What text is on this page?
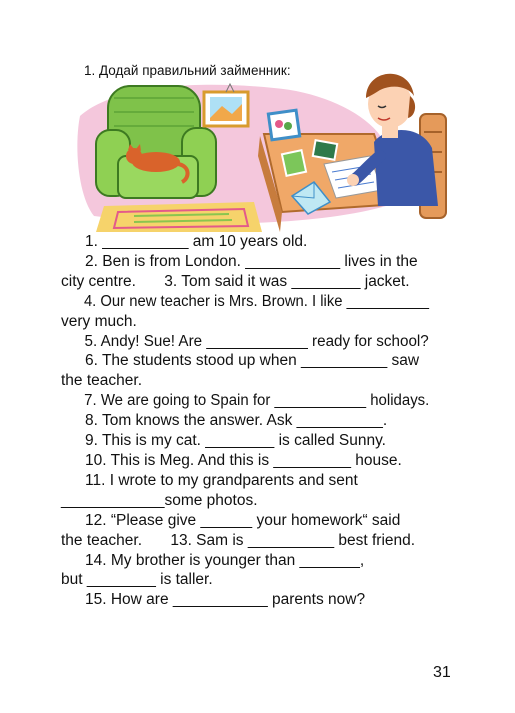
1. Додай правильний займенник:
1. __________ am 10 years old.
2. Ben is from London. ___________ lives in the
city centre. 3. Tom said it was ________ jacket. 4. Our new teacher is Mrs. Brown. I like __________ very much. 5. Andy! Sue! Are ____________ ready for school? 6. The students stood up when __________ saw the teacher. 7. We are going to Spain for ___________ holidays. 8. Tom knows the answer. Ask __________. 9. This is my cat. ________ is called Sunny. 10. This is Meg. And this is _________ house. 11. I wrote to my grandparents and sent ____________some photos. 12. “Please give ______ your homework“ said the teacher. 13. Sam is __________ best friend. 14. My brother is younger than _______, but ________ is taller. 15. How are ___________ parents now?
31
